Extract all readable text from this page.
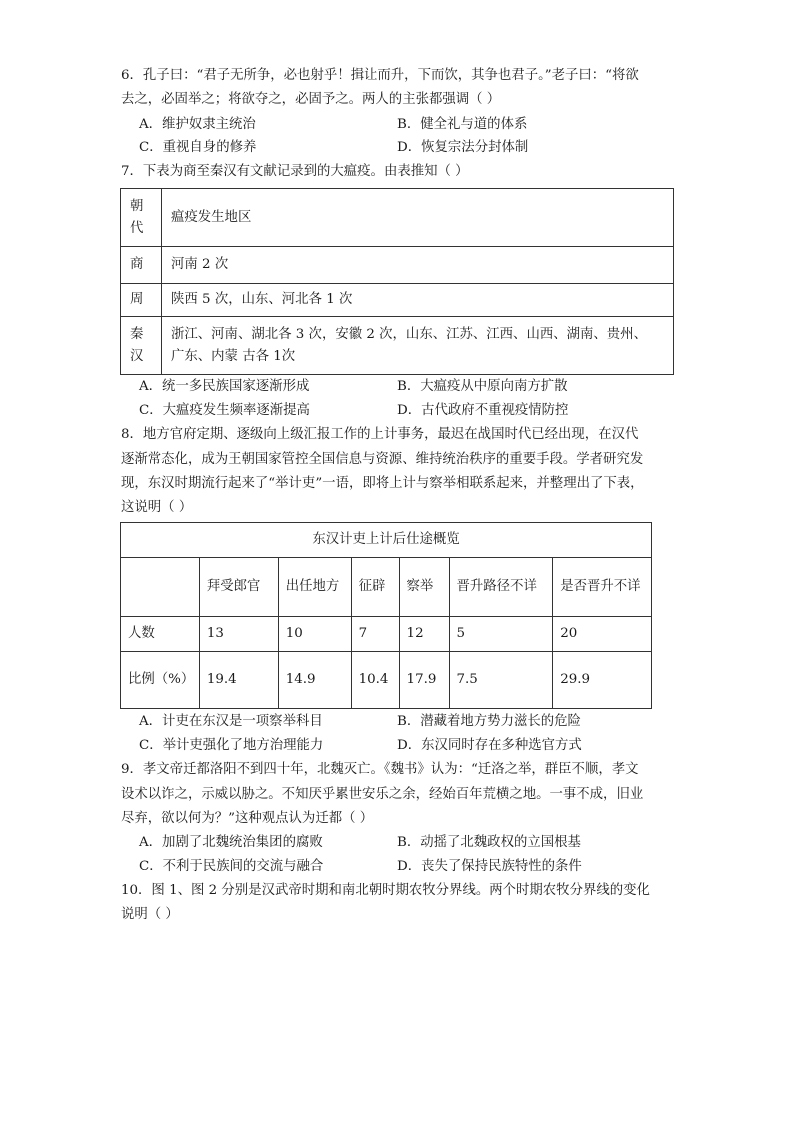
6．孔子曰：“君子无所争，必也射乎！揖让而升，下而饮，其争也君子。”老子曰：“将欲
去之，必固举之；将欲夺之，必固予之。两人的主张都强调（ ）
A．维护奴隶主统治	B．健全礼与道的体系
C．重视自身的修养	D．恢复宗法分封体制
7．下表为商至秦汉有文献记录到的大瘟疫。由表推知（ ）
朝代	瘟疫发生地区
商	河南 2 次
周	陕西 5 次，山东、河北各 1 次
秦汉	浙江、河南、湖北各 3 次，安徽 2 次，山东、江苏、江西、山西、湖南、贵州、
广东、内蒙 古各 1次
A．统一多民族国家逐渐形成	B．大瘟疫从中原向南方扩散
C．大瘟疫发生频率逐渐提高	D．古代政府不重视疫情防控
8．地方官府定期、逐级向上级汇报工作的上计事务，最迟在战国时代已经出现，在汉代
逐渐常态化，成为王朝国家管控全国信息与资源、维持统治秩序的重要手段。学者研究发
现，东汉时期流行起来了“举计吏”一语，即将上计与察举相联系起来，并整理出了下表，
这说明（ ）
东汉计吏上计后仕途概览						
	拜受郎官	出任地方	征辟	察举	晋升路径不详	是否晋升不详
人数	13	10	7	12	5	20
比例（%）	19.4	14.9	10.4	17.9	7.5	29.9
A．计吏在东汉是一项察举科目	B．潜藏着地方势力滋长的危险
C．举计吏强化了地方治理能力	D．东汉同时存在多种选官方式
9．孝文帝迁都洛阳不到四十年，北魏灭亡。《魏书》认为：“迁洛之举，群臣不顺，孝文
设术以诈之，示威以胁之。不知厌乎累世安乐之余，经始百年荒横之地。一事不成，旧业
尽弃，欲以何为？”这种观点认为迁都（ ）
A．加剧了北魏统治集团的腐败	B．动摇了北魏政权的立国根基
C．不利于民族间的交流与融合	D．丧失了保持民族特性的条件
10．图 1、图 2 分别是汉武帝时期和南北朝时期农牧分界线。两个时期农牧分界线的变化
说明（ ）
